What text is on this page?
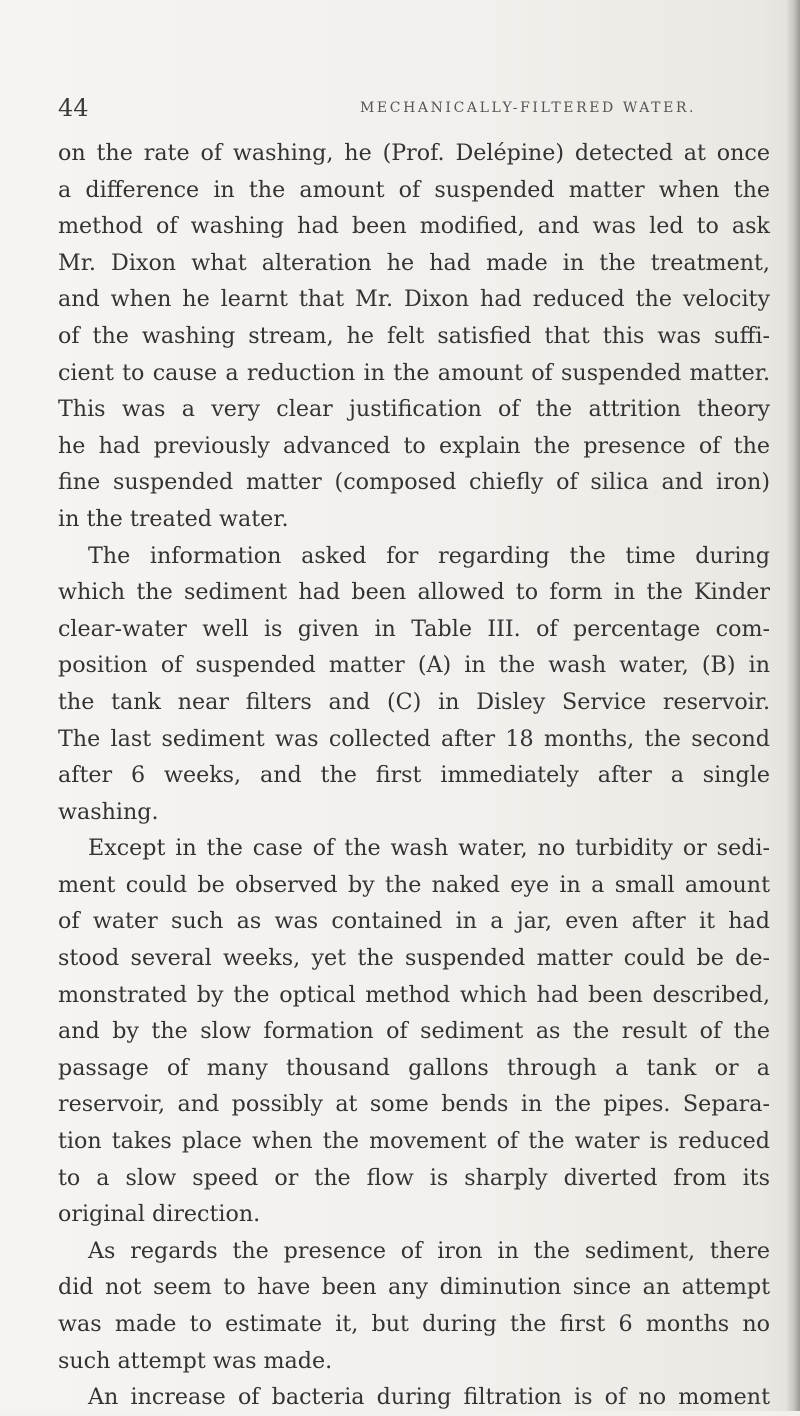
44	MECHANICALLY-FILTERED WATER.
on the rate of washing, he (Prof. Delépine) detected at once
a difference in the amount of suspended matter when the
method of washing had been modified, and was led to ask
Mr. Dixon what alteration he had made in the treatment,
and when he learnt that Mr. Dixon had reduced the velocity
of the washing stream, he felt satisfied that this was suffi-
cient to cause a reduction in the amount of suspended matter.
This was a very clear justification of the attrition theory
he had previously advanced to explain the presence of the
fine suspended matter (composed chiefly of silica and iron)
in the treated water.
The information asked for regarding the time during
which the sediment had been allowed to form in the Kinder
clear-water well is given in Table III. of percentage com-
position of suspended matter (A) in the wash water, (B) in
the tank near filters and (C) in Disley Service reservoir.
The last sediment was collected after 18 months, the second
after 6 weeks, and the first immediately after a single
washing.
Except in the case of the wash water, no turbidity or sedi-
ment could be observed by the naked eye in a small amount
of water such as was contained in a jar, even after it had
stood several weeks, yet the suspended matter could be de-
monstrated by the optical method which had been described,
and by the slow formation of sediment as the result of the
passage of many thousand gallons through a tank or a
reservoir, and possibly at some bends in the pipes. Separa-
tion takes place when the movement of the water is reduced
to a slow speed or the flow is sharply diverted from its
original direction.
As regards the presence of iron in the sediment, there
did not seem to have been any diminution since an attempt
was made to estimate it, but during the first 6 months no
such attempt was made.
An increase of bacteria during filtration is of no moment
